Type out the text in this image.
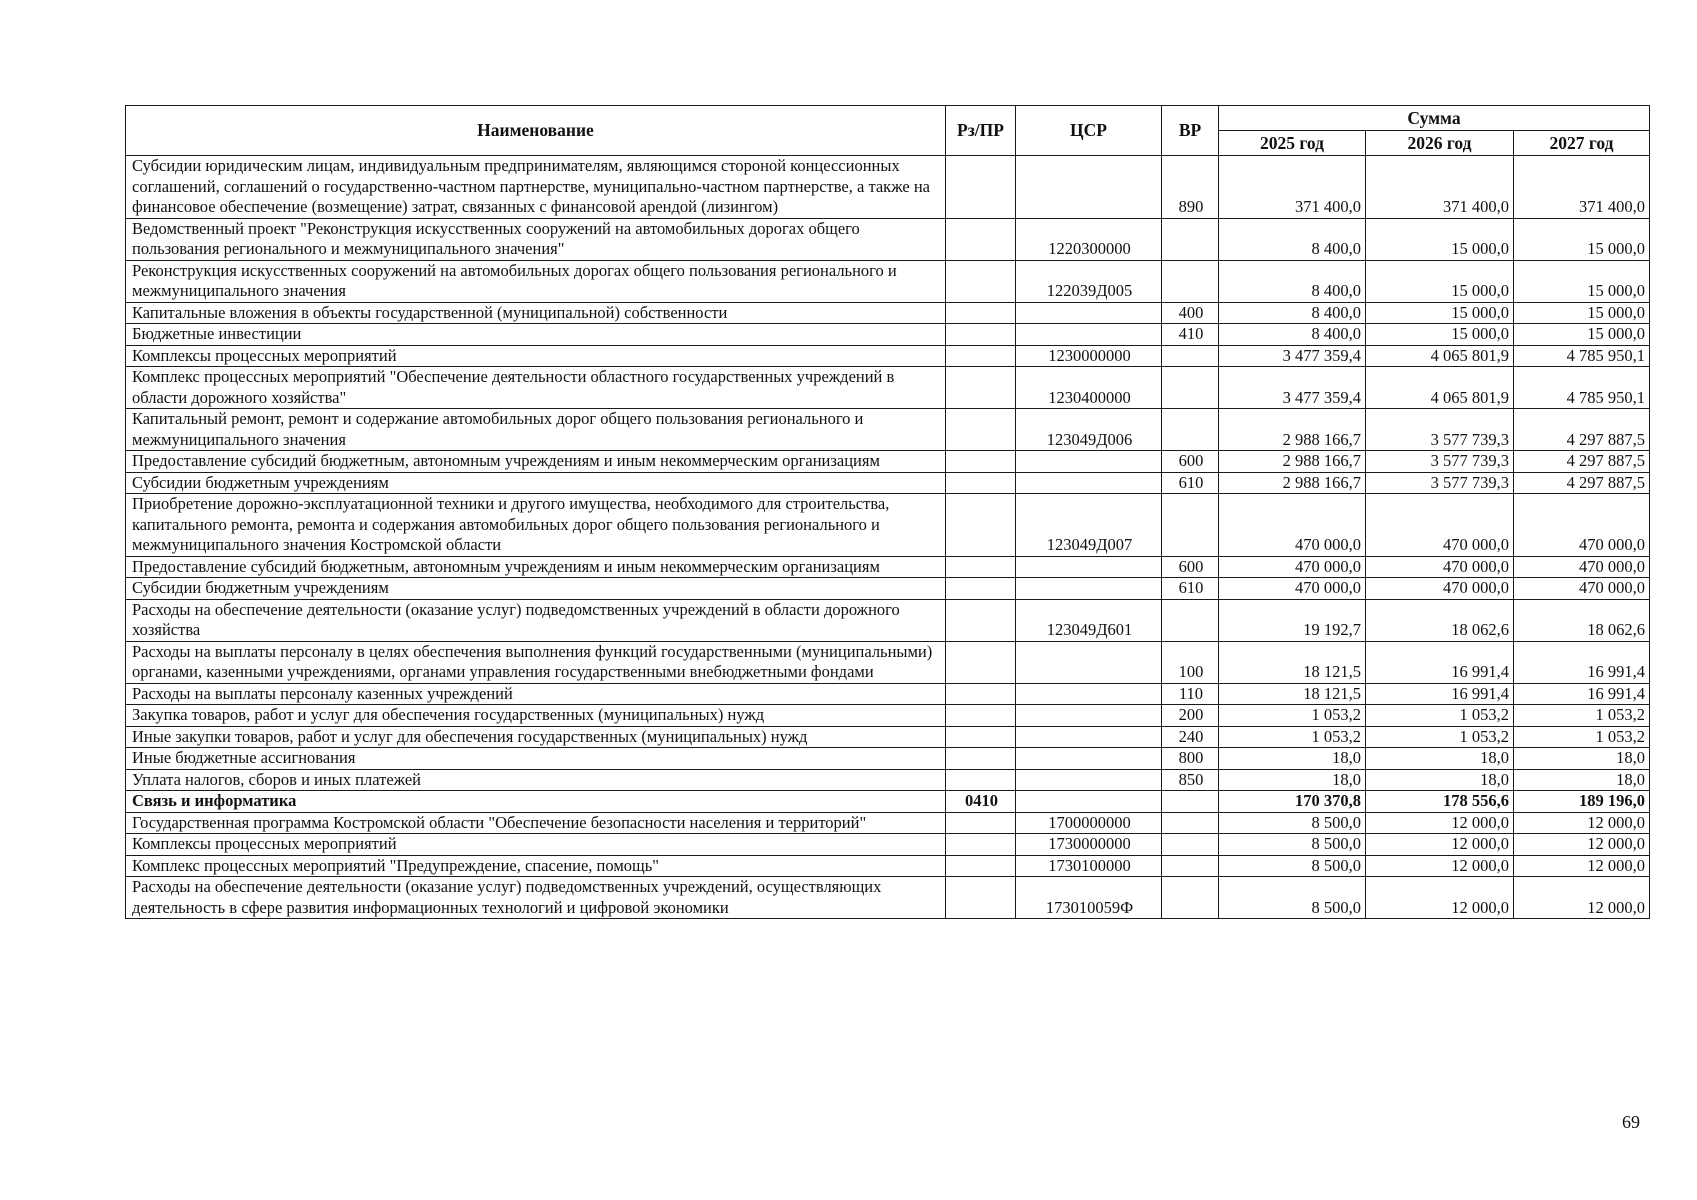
Наименование	Рз/ПР	ЦСР	ВР	Сумма		
				2025 год	2026 год	2027 год
Субсидии юридическим лицам, индивидуальным предпринимателям, являющимся стороной концессионных соглашений, соглашений о государственно-частном партнерстве, муниципально-частном партнерстве, а также на финансовое обеспечение (возмещение) затрат, связанных с финансовой арендой (лизингом)			890	371 400,0	371 400,0	371 400,0
Ведомственный проект "Реконструкция искусственных сооружений на автомобильных дорогах общего пользования регионального и межмуниципального значения"		1220300000		8 400,0	15 000,0	15 000,0
Реконструкция искусственных сооружений на автомобильных дорогах общего пользования регионального и межмуниципального значения		122039Д005		8 400,0	15 000,0	15 000,0
Капитальные вложения в объекты государственной (муниципальной) собственности			400	8 400,0	15 000,0	15 000,0
Бюджетные инвестиции			410	8 400,0	15 000,0	15 000,0
Комплексы процессных мероприятий		1230000000		3 477 359,4	4 065 801,9	4 785 950,1
Комплекс процессных мероприятий "Обеспечение деятельности областного государственных учреждений в области дорожного хозяйства"		1230400000		3 477 359,4	4 065 801,9	4 785 950,1
Капитальный ремонт, ремонт и содержание автомобильных дорог общего пользования регионального и межмуниципального значения		123049Д006		2 988 166,7	3 577 739,3	4 297 887,5
Предоставление субсидий бюджетным, автономным учреждениям и иным некоммерческим организациям			600	2 988 166,7	3 577 739,3	4 297 887,5
Субсидии бюджетным учреждениям			610	2 988 166,7	3 577 739,3	4 297 887,5
Приобретение дорожно-эксплуатационной техники и другого имущества, необходимого для строительства, капитального ремонта, ремонта и содержания автомобильных дорог общего пользования регионального и межмуниципального значения Костромской области		123049Д007		470 000,0	470 000,0	470 000,0
Предоставление субсидий бюджетным, автономным учреждениям и иным некоммерческим организациям			600	470 000,0	470 000,0	470 000,0
Субсидии бюджетным учреждениям			610	470 000,0	470 000,0	470 000,0
Расходы на обеспечение деятельности (оказание услуг) подведомственных учреждений в области дорожного хозяйства		123049Д601		19 192,7	18 062,6	18 062,6
Расходы на выплаты персоналу в целях обеспечения выполнения функций государственными (муниципальными) органами, казенными учреждениями, органами управления государственными внебюджетными фондами			100	18 121,5	16 991,4	16 991,4
Расходы на выплаты персоналу казенных учреждений			110	18 121,5	16 991,4	16 991,4
Закупка товаров, работ и услуг для обеспечения государственных (муниципальных) нужд			200	1 053,2	1 053,2	1 053,2
Иные закупки товаров, работ и услуг для обеспечения государственных (муниципальных) нужд			240	1 053,2	1 053,2	1 053,2
Иные бюджетные ассигнования			800	18,0	18,0	18,0
Уплата налогов, сборов и иных платежей			850	18,0	18,0	18,0
Связь и информатика	0410			170 370,8	178 556,6	189 196,0
Государственная программа Костромской области "Обеспечение безопасности населения и территорий"		1700000000		8 500,0	12 000,0	12 000,0
Комплексы процессных мероприятий		1730000000		8 500,0	12 000,0	12 000,0
Комплекс процессных мероприятий "Предупреждение, спасение, помощь"		1730100000		8 500,0	12 000,0	12 000,0
Расходы на обеспечение деятельности (оказание услуг) подведомственных учреждений, осуществляющих деятельность в сфере развития информационных технологий и цифровой экономики		173010059Ф		8 500,0	12 000,0	12 000,0
69
